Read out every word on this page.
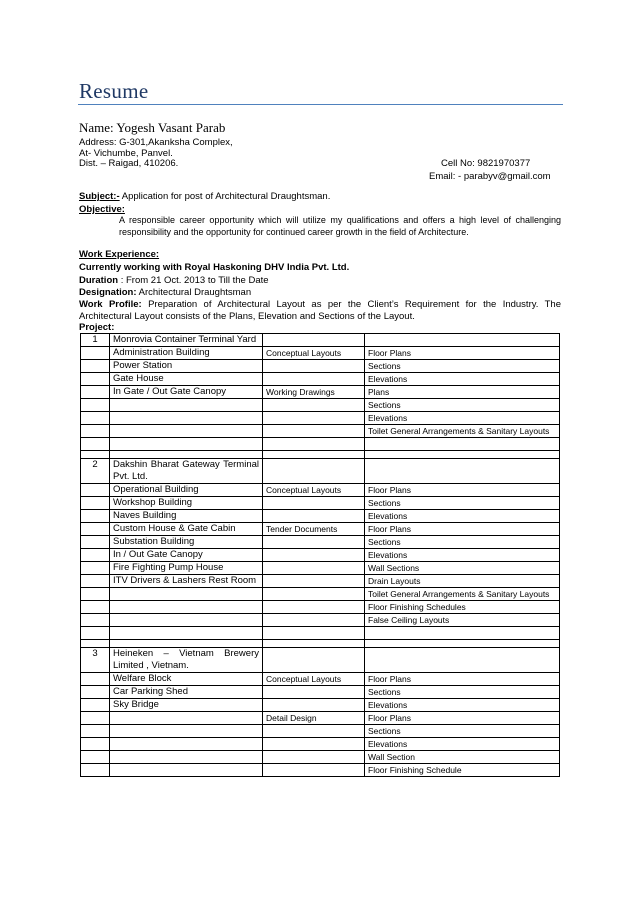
Resume
Name: Yogesh Vasant Parab
Address: G-301,Akanksha Complex,
At- Vichumbe, Panvel.
Dist. – Raigad, 410206.	Cell No: 9821970377
Email: - parabyv@gmail.com
Subject:- Application for post of Architectural Draughtsman.
Objective:
A responsible career opportunity which will utilize my qualifications and offers a high level of challenging responsibility and the opportunity for continued career growth in the field of Architecture.
Work Experience:
Currently working with Royal Haskoning DHV India Pvt. Ltd.
Duration : From 21 Oct. 2013 to Till the Date
Designation: Architectural Draughtsman
Work Profile: Preparation of Architectural Layout as per the Client’s Requirement for the Industry. The Architectural Layout consists of the Plans, Elevation and Sections of the Layout.
Project:
1	Monrovia Container Terminal Yard		
	Administration Building	Conceptual Layouts	Floor Plans
	Power Station		Sections
	Gate House		Elevations
	In Gate / Out Gate Canopy	Working Drawings	Plans
			Sections
			Elevations
			Toilet General Arrangements & Sanitary Layouts

2	Dakshin Bharat Gateway Terminal Pvt. Ltd.		
	Operational Building	Conceptual Layouts	Floor Plans
	Workshop Building		Sections
	Naves Building		Elevations
	Custom House & Gate Cabin	Tender Documents	Floor Plans
	Substation Building		Sections
	In / Out Gate Canopy		Elevations
	Fire Fighting Pump House		Wall Sections
	ITV Drivers & Lashers Rest Room		Drain Layouts
			Toilet General Arrangements & Sanitary Layouts
			Floor Finishing Schedules
			False Ceiling Layouts

3	Heineken – Vietnam Brewery Limited , Vietnam.		
	Welfare Block	Conceptual Layouts	Floor Plans
	Car Parking Shed		Sections
	Sky Bridge		Elevations
		Detail Design	Floor Plans
			Sections
			Elevations
			Wall Section
			Floor Finishing Schedule
